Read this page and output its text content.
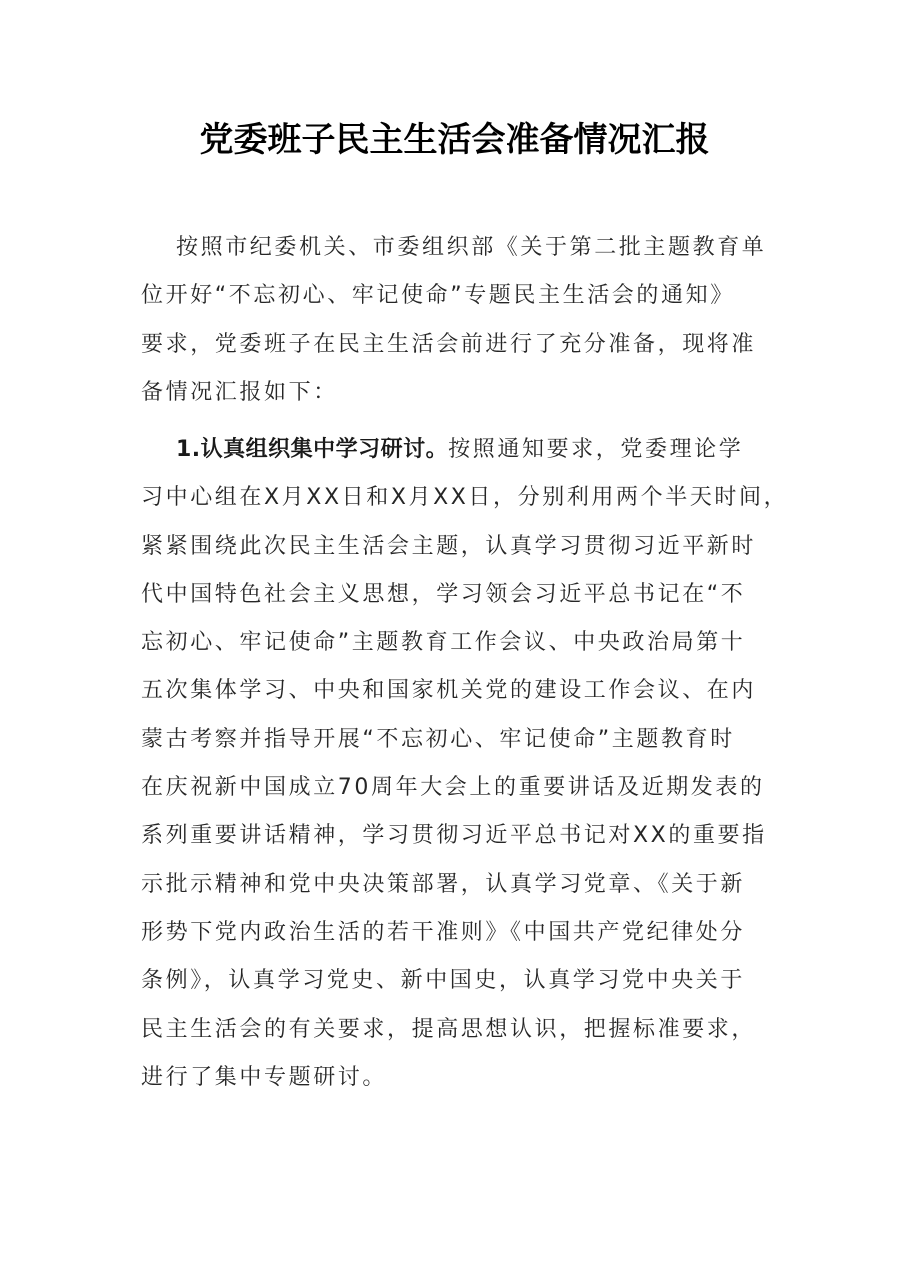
党委班子民主生活会准备情况汇报
按照市纪委机关、市委组织部《关于第二批主题教育单
位开好“不忘初心、牢记使命”专题民主生活会的通知》
要求，党委班子在民主生活会前进行了充分准备，现将准
备情况汇报如下：
1.认真组织集中学习研讨。按照通知要求，党委理论学
习中心组在X月XX日和X月XX日，分别利用两个半天时间，
紧紧围绕此次民主生活会主题，认真学习贯彻习近平新时
代中国特色社会主义思想，学习领会习近平总书记在“不
忘初心、牢记使命”主题教育工作会议、中央政治局第十
五次集体学习、中央和国家机关党的建设工作会议、在内
蒙古考察并指导开展“不忘初心、牢记使命”主题教育时
在庆祝新中国成立70周年大会上的重要讲话及近期发表的
系列重要讲话精神，学习贯彻习近平总书记对XX的重要指
示批示精神和党中央决策部署，认真学习党章、《关于新
形势下党内政治生活的若干准则》《中国共产党纪律处分
条例》，认真学习党史、新中国史，认真学习党中央关于
民主生活会的有关要求，提高思想认识，把握标准要求，
进行了集中专题研讨。
